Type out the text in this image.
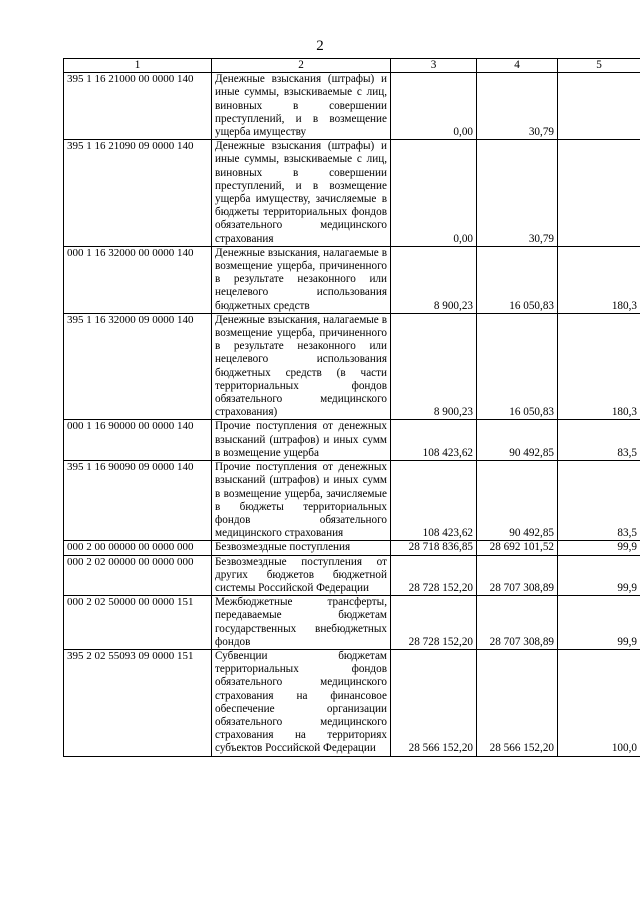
2
1	2	3	4	5
395 1 16 21000 00 0000 140	Денежные взыскания (штрафы) и иные суммы, взыскиваемые с лиц, виновных в совершении преступлений, и в возмещение ущерба имуществу	0,00	30,79	
395 1 16 21090 09 0000 140	Денежные взыскания (штрафы) и иные суммы, взыскиваемые с лиц, виновных в совершении преступлений, и в возмещение ущерба имуществу, зачисляемые в бюджеты территориальных фондов обязательного медицинского страхования	0,00	30,79	
000 1 16 32000 00 0000 140	Денежные взыскания, налагаемые в возмещение ущерба, причиненного в результате незаконного или нецелевого использования бюджетных средств	8 900,23	16 050,83	180,3
395 1 16 32000 09 0000 140	Денежные взыскания, налагаемые в возмещение ущерба, причиненного в результате незаконного или нецелевого использования бюджетных средств (в части территориальных фондов обязательного медицинского страхования)	8 900,23	16 050,83	180,3
000 1 16 90000 00 0000 140	Прочие поступления от денежных взысканий (штрафов) и иных сумм в возмещение ущерба	108 423,62	90 492,85	83,5
395 1 16 90090 09 0000 140	Прочие поступления от денежных взысканий (штрафов) и иных сумм в возмещение ущерба, зачисляемые в бюджеты территориальных фондов обязательного медицинского страхования	108 423,62	90 492,85	83,5
000 2 00 00000 00 0000 000	Безвозмездные поступления	28 718 836,85	28 692 101,52	99,9
000 2 02 00000 00 0000 000	Безвозмездные поступления от других бюджетов бюджетной системы Российской Федерации	28 728 152,20	28 707 308,89	99,9
000 2 02 50000 00 0000 151	Межбюджетные трансферты, передаваемые бюджетам государственных внебюджетных фондов	28 728 152,20	28 707 308,89	99,9
395 2 02 55093 09 0000 151	Субвенции бюджетам территориальных фондов обязательного медицинского страхования на финансовое обеспечение организации обязательного медицинского страхования на территориях субъектов Российской Федерации	28 566 152,20	28 566 152,20	100,0
